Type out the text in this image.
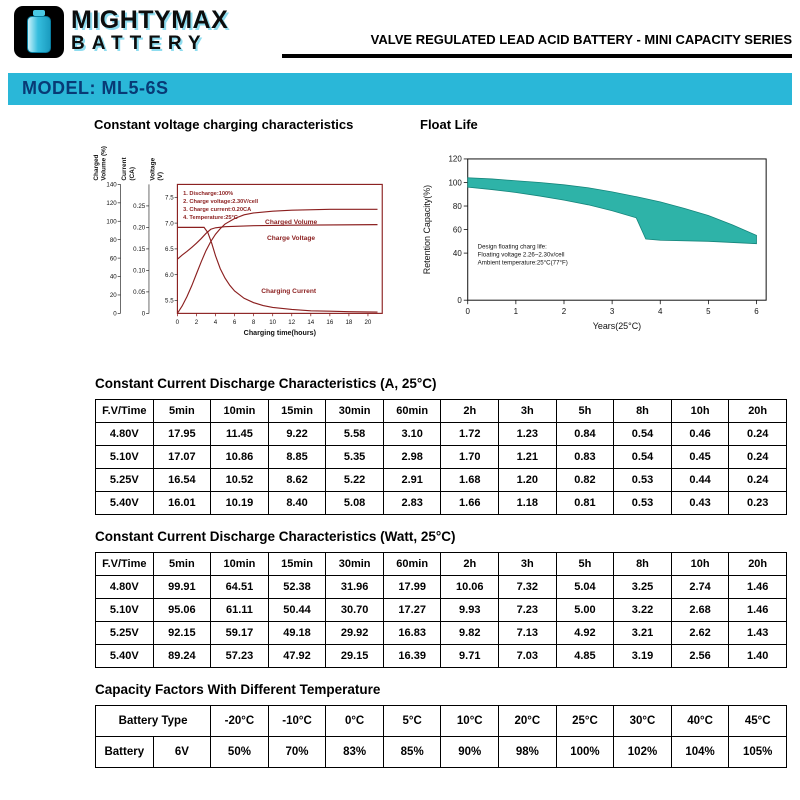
MIGHTYMAX
BATTERY	VALVE REGULATED LEAD ACID BATTERY - MINI CAPACITY SERIES
MODEL: ML5-6S
Constant voltage charging characteristics
0
20
40
60
80
100
120
140
Charged Volume (%)
0
0.05
0.10
0.15
0.20
0.25
Current (CA)
5.5
6.0
6.5
7.0
7.5
Voltage (V)
0 2 4 6 8 10 12 14 16 18 20
Charging time(hours)
1. Discharge:100%
2. Charge voltage:2.30V/cell
3. Charge current:0.20CA
4. Temperature:25°C
Charged Volume
Charge Voltage
Charging Current
Float Life
0
40
60
80
100
120
0	1	2	3	4	5	6
Design floating charg life:
Floating voltage 2.26~2.30v/cell
Ambient temperature:25°C(77°F)
Years(25°C)
Retention Capacity(%)
Constant Current Discharge Characteristics (A, 25°C)
F.V/Time	5min	10min	15min	30min	60min	2h	3h	5h	8h	10h	20h
4.80V	17.95	11.45	9.22	5.58	3.10	1.72	1.23	0.84	0.54	0.46	0.24
5.10V	17.07	10.86	8.85	5.35	2.98	1.70	1.21	0.83	0.54	0.45	0.24
5.25V	16.54	10.52	8.62	5.22	2.91	1.68	1.20	0.82	0.53	0.44	0.24
5.40V	16.01	10.19	8.40	5.08	2.83	1.66	1.18	0.81	0.53	0.43	0.23
Constant Current Discharge Characteristics (Watt, 25°C)
F.V/Time	5min	10min	15min	30min	60min	2h	3h	5h	8h	10h	20h
4.80V	99.91	64.51	52.38	31.96	17.99	10.06	7.32	5.04	3.25	2.74	1.46
5.10V	95.06	61.11	50.44	30.70	17.27	9.93	7.23	5.00	3.22	2.68	1.46
5.25V	92.15	59.17	49.18	29.92	16.83	9.82	7.13	4.92	3.21	2.62	1.43
5.40V	89.24	57.23	47.92	29.15	16.39	9.71	7.03	4.85	3.19	2.56	1.40
Capacity Factors With Different Temperature
Battery Type		-20°C	-10°C	0°C	5°C	10°C	20°C	25°C	30°C	40°C	45°C
Battery	6V	50%	70%	83%	85%	90%	98%	100%	102%	104%	105%
